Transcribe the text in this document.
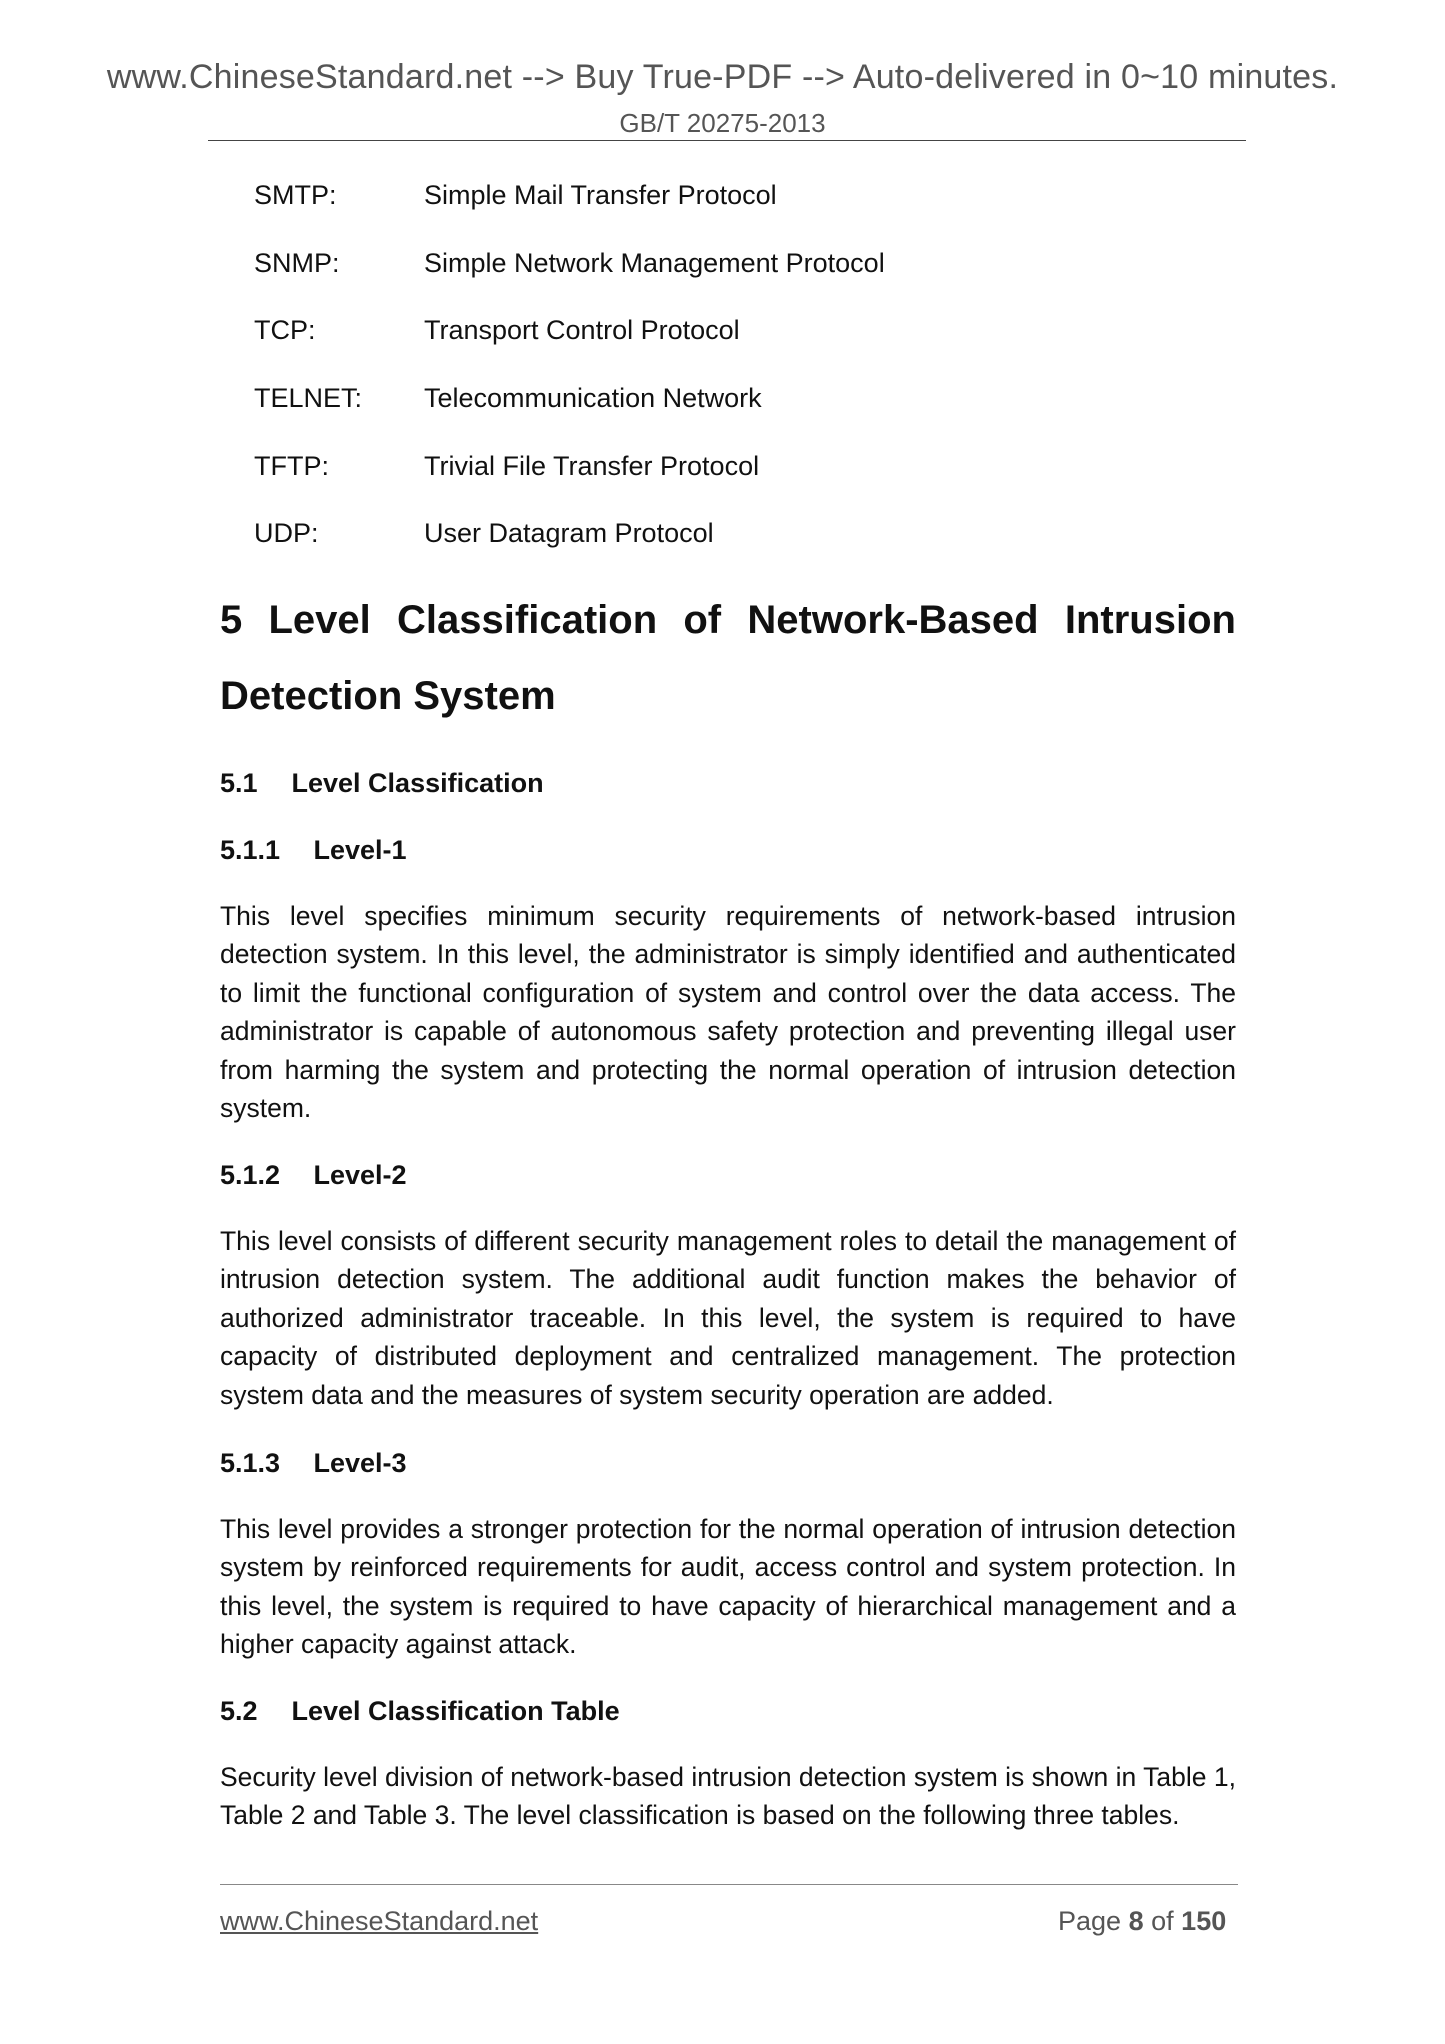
www.ChineseStandard.net --> Buy True-PDF --> Auto-delivered in 0~10 minutes.
GB/T 20275-2013
SMTP:	Simple Mail Transfer Protocol
SNMP:	Simple Network Management Protocol
TCP:	Transport Control Protocol
TELNET: Telecommunication Network
TFTP:	Trivial File Transfer Protocol
UDP:	User Datagram Protocol
5 Level Classification of Network-Based Intrusion
Detection System
5.1 Level Classification
5.1.1 Level-1
This level specifies minimum security requirements of network-based intrusion detection system. In this level, the administrator is simply identified and authenticated to limit the functional configuration of system and control over the data access. The administrator is capable of autonomous safety protection and preventing illegal user from harming the system and protecting the normal operation of intrusion detection system.
5.1.2 Level-2
This level consists of different security management roles to detail the management of intrusion detection system. The additional audit function makes the behavior of authorized administrator traceable. In this level, the system is required to have capacity of distributed deployment and centralized management. The protection system data and the measures of system security operation are added.
5.1.3 Level-3
This level provides a stronger protection for the normal operation of intrusion detection system by reinforced requirements for audit, access control and system protection. In this level, the system is required to have capacity of hierarchical management and a higher capacity against attack.
5.2 Level Classification Table
Security level division of network-based intrusion detection system is shown in Table 1, Table 2 and Table 3. The level classification is based on the following three tables.
www.ChineseStandard.net	Page 8 of 150
